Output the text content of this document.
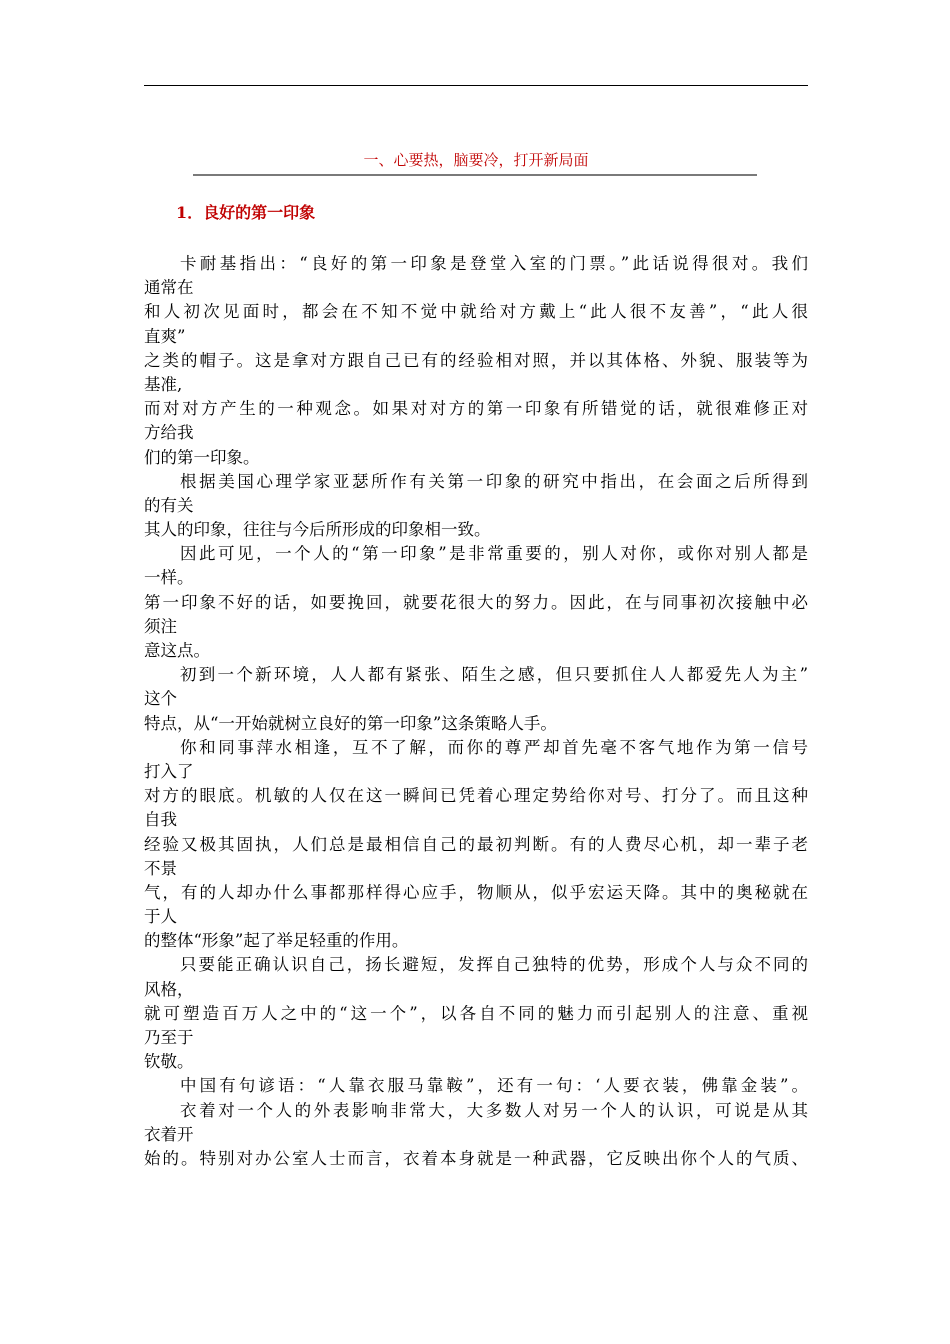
一、心要热，脑要冷，打开新局面
1．良好的第一印象
卡耐基指出：“良好的第一印象是登堂入室的门票。”此话说得很对。我们
通常在
和人初次见面时，都会在不知不觉中就给对方戴上“此人很不友善”，“此人很
直爽”
之类的帽子。这是拿对方跟自己已有的经验相对照，并以其体格、外貌、服装等为
基准,
而对对方产生的一种观念。如果对对方的第一印象有所错觉的话，就很难修正对
方给我
们的第一印象。
根据美国心理学家亚瑟所作有关第一印象的研究中指出，在会面之后所得到
的有关
其人的印象，往往与今后所形成的印象相一致。
因此可见，一个人的“第一印象”是非常重要的，别人对你，或你对别人都是
一样。
第一印象不好的话，如要挽回，就要花很大的努力。因此，在与同事初次接触中必
须注
意这点。
初到一个新环境，人人都有紧张、陌生之感，但只要抓住人人都爱先人为主”
这个
特点，从“一开始就树立良好的第一印象”这条策略人手。
你和同事萍水相逢，互不了解，而你的尊严却首先毫不客气地作为第一信号
打入了
对方的眼底。机敏的人仅在这一瞬间已凭着心理定势给你对号、打分了。而且这种
自我
经验又极其固执，人们总是最相信自己的最初判断。有的人费尽心机，却一辈子老
不景
气，有的人却办什么事都那样得心应手，物顺从，似乎宏运天降。其中的奥秘就在
于人
的整体“形象”起了举足轻重的作用。
只要能正确认识自己，扬长避短，发挥自己独特的优势，形成个人与众不同的
风格，
就可塑造百万人之中的“这一个”，以各自不同的魅力而引起别人的注意、重视
乃至于
钦敬。
中国有句谚语：“人靠衣服马靠鞍”，还有一句：‘人要衣装，佛靠金装”。
衣着对一个人的外表影响非常大，大多数人对另一个人的认识，可说是从其
衣着开
始的。特别对办公室人士而言，衣着本身就是一种武器，它反映出你个人的气质、
